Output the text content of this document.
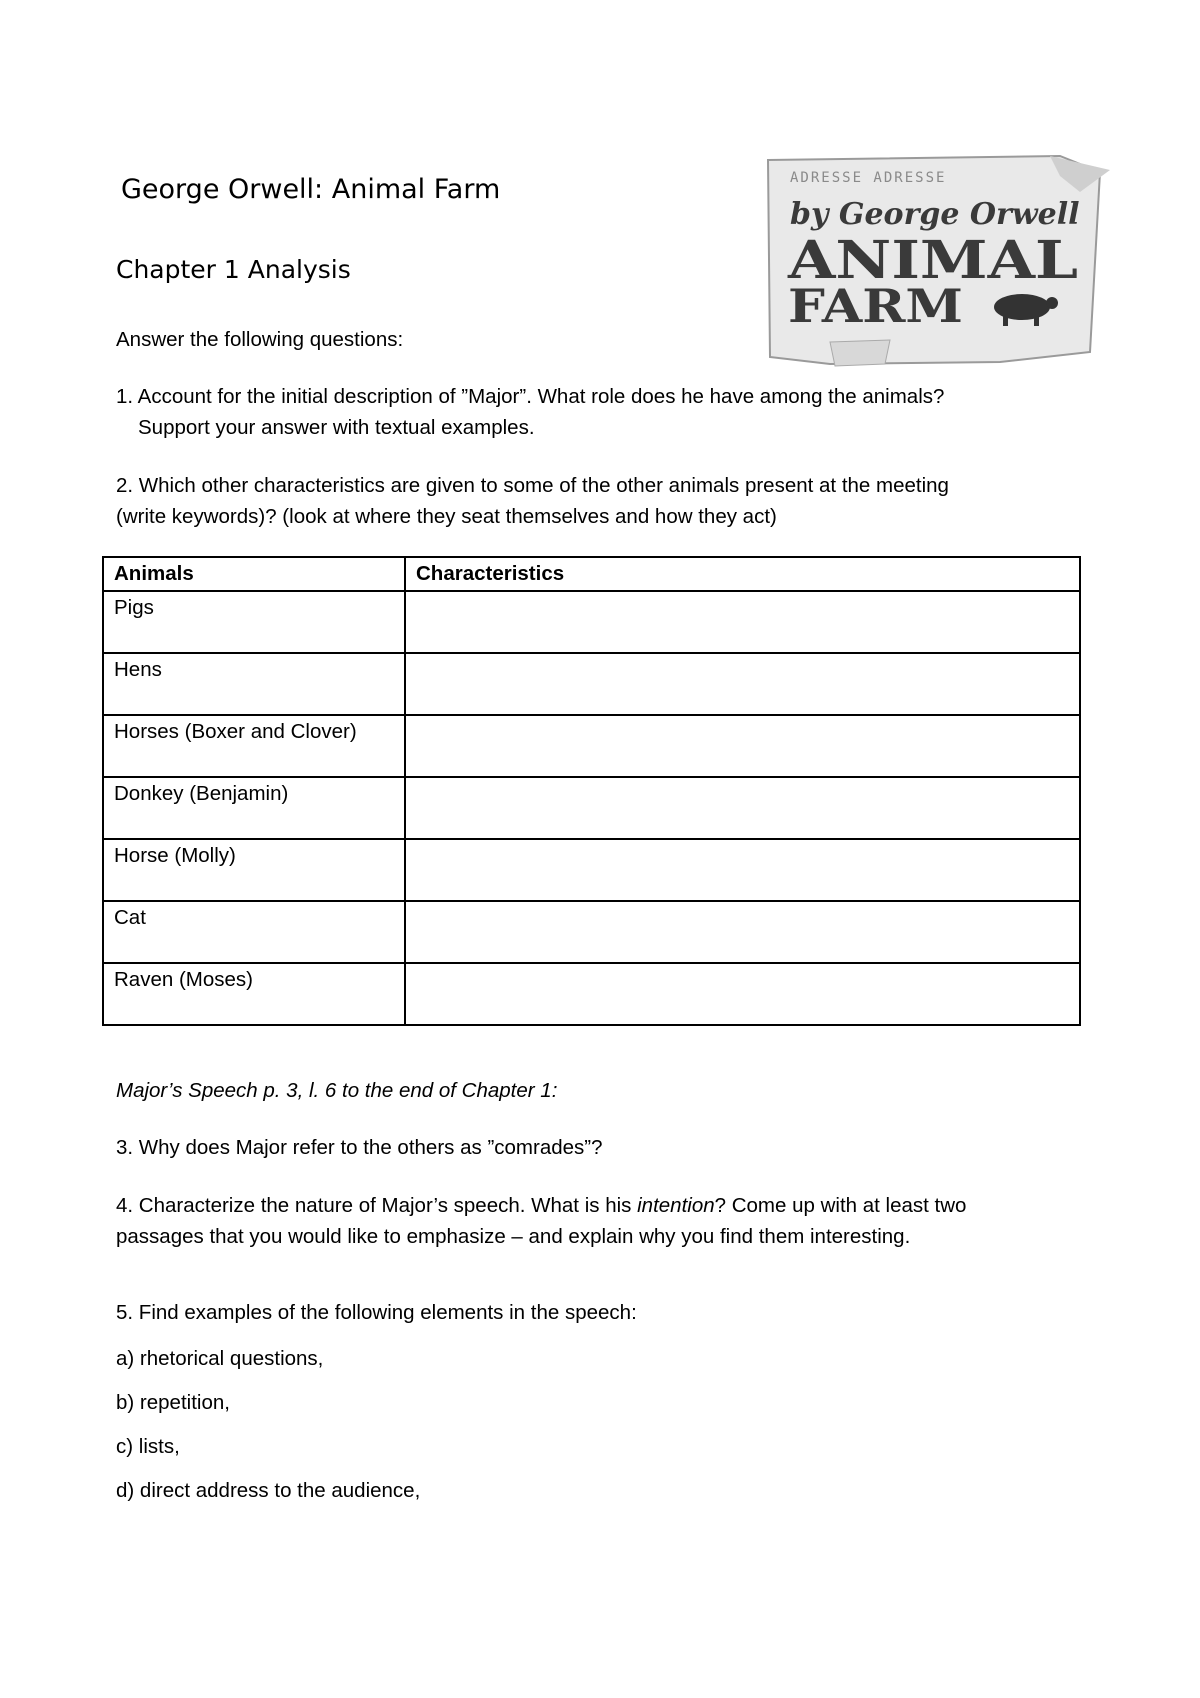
George Orwell: Animal Farm	ADRESSE ADRESSE
by George Orwell
ANIMAL
FARM
Chapter 1 Analysis
Answer the following questions:
1. Account for the initial description of ”Major”. What role does he have among the animals?
Support your answer with textual examples.
2. Which other characteristics are given to some of the other animals present at the meeting
(write keywords)? (look at where they seat themselves and how they act)
Animals	Characteristics
Pigs	
Hens	
Horses (Boxer and Clover)	
Donkey (Benjamin)	
Horse (Molly)	
Cat	
Raven (Moses)	
Major’s Speech p. 3, l. 6 to the end of Chapter 1:
3. Why does Major refer to the others as ”comrades”?
4. Characterize the nature of Major’s speech. What is his intention? Come up with at least two
passages that you would like to emphasize – and explain why you find them interesting.
5. Find examples of the following elements in the speech:
a) rhetorical questions,
b) repetition,
c) lists,
d) direct address to the audience,
